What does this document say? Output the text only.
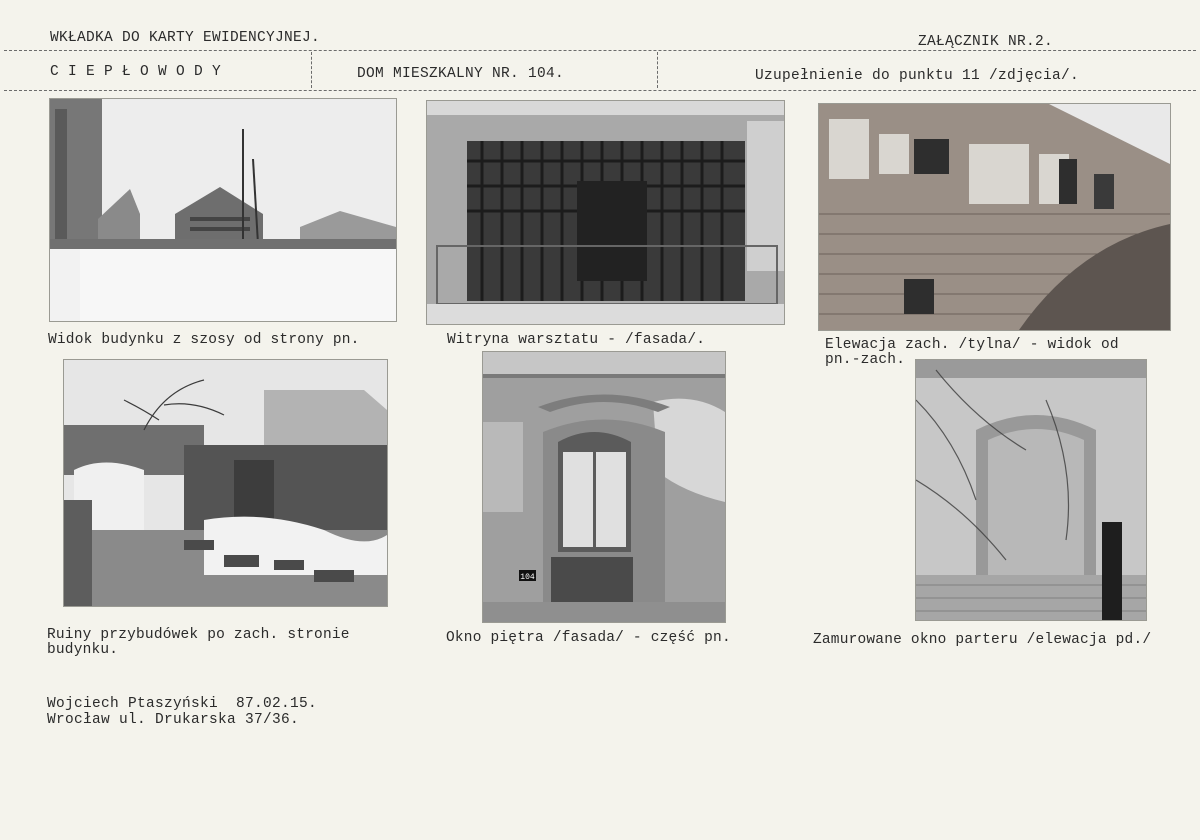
WKŁADKA DO KARTY EWIDENCYJNEJ.	ZAŁĄCZNIK NR.2.
C I E P Ł O W O D Y	DOM MIESZKALNY NR. 104.	Uzupełnienie do punktu 11 /zdjęcia/.
Widok budynku z szosy od strony pn.	Witryna warsztatu - /fasada/.	Elewacja zach. /tylna/ - widok od
pn.-zach.
Ruiny przybudówek po zach. stronie
budynku.
104
Okno piętra /fasada/ - część pn.	Zamurowane okno parteru /elewacja pd./
Wojciech Ptaszyński  87.02.15.
Wrocław ul. Drukarska 37/36.
